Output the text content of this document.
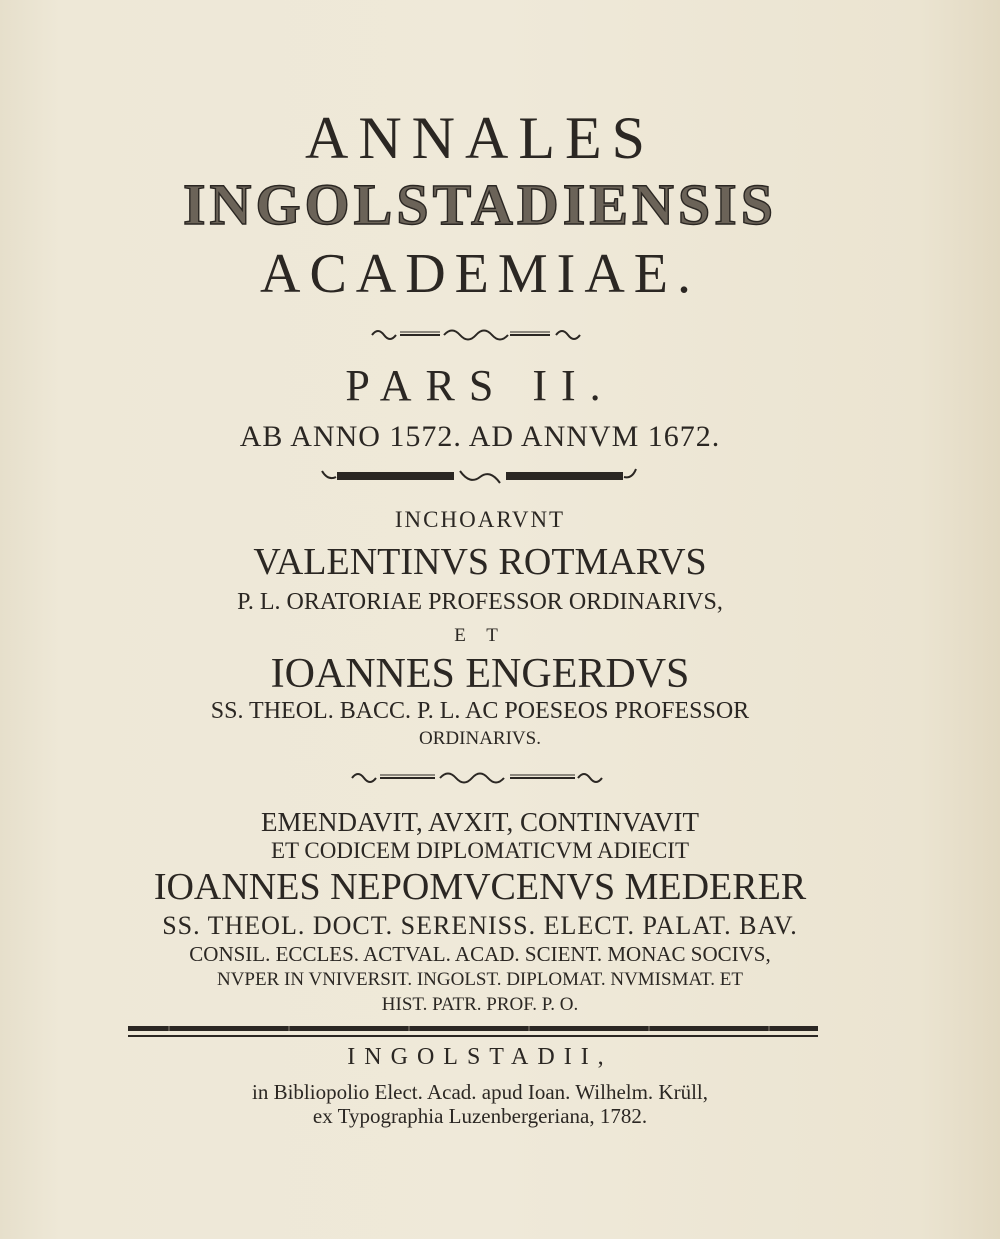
ANNALES
INGOLSTADIENSIS
ACADEMIAE.
PARS II.
AB ANNO 1572. AD ANNVM 1672.
INCHOARVNT
VALENTINVS ROTMARVS
P. L. ORATORIAE PROFESSOR ORDINARIVS,
E T
IOANNES ENGERDVS
SS. THEOL. BACC. P. L. AC POESEOS PROFESSOR
ORDINARIVS.
EMENDAVIT, AVXIT, CONTINVAVIT
ET CODICEM DIPLOMATICVM ADIECIT
IOANNES NEPOMVCENVS MEDERER
SS. THEOL. DOCT. SERENISS. ELECT. PALAT. BAV.
CONSIL. ECCLES. ACTVAL. ACAD. SCIENT. MONAC SOCIVS,
NVPER IN VNIVERSIT. INGOLST. DIPLOMAT. NVMISMAT. ET
HIST. PATR. PROF. P. O.
INGOLSTADII,
in Bibliopolio Elect. Acad. apud Ioan. Wilhelm. Krüll,
ex Typographia Luzenbergeriana, 1782.
